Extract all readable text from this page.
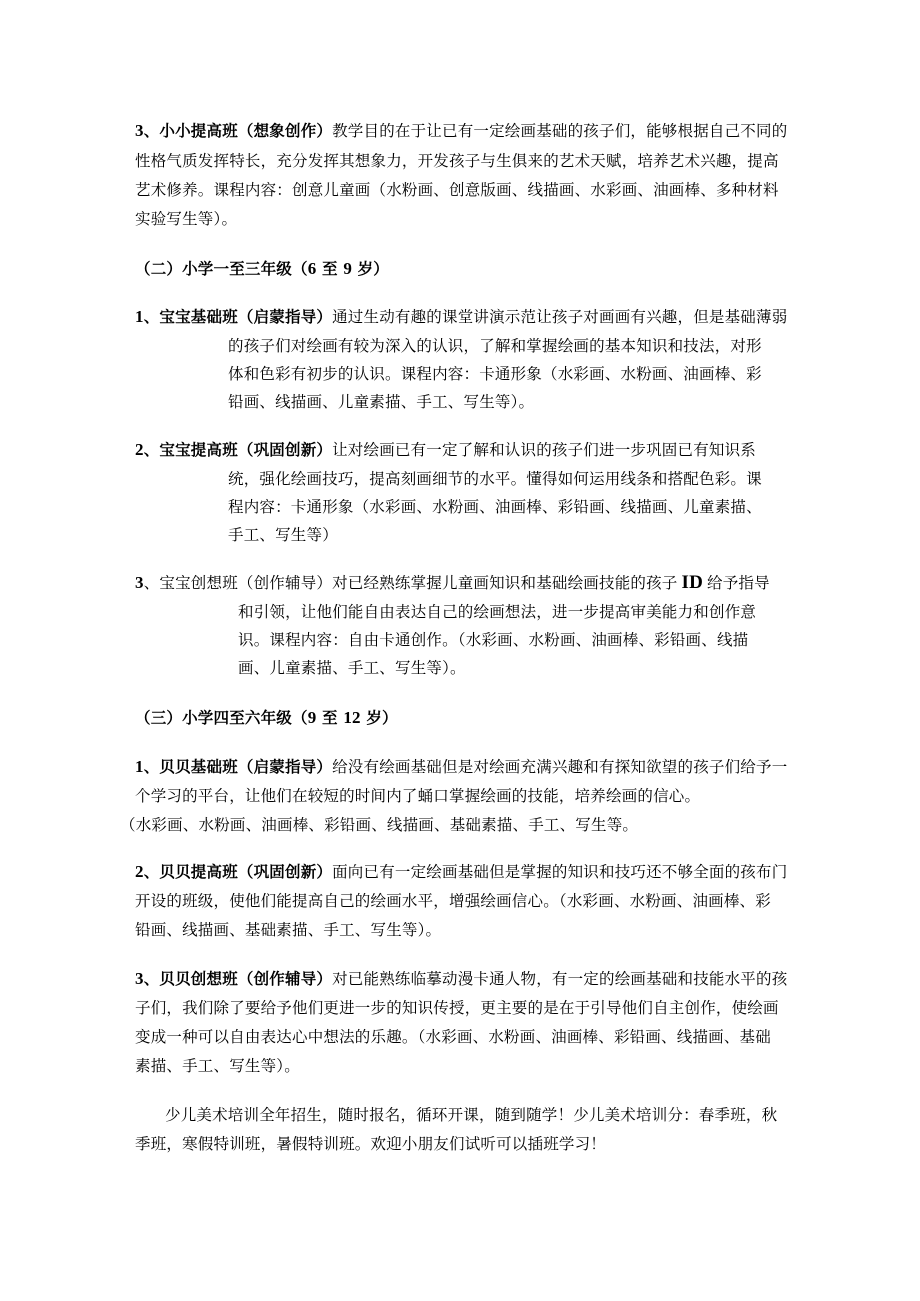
3、小小提高班（想象创作）教学目的在于让已有一定绘画基础的孩子们，能够根据自己不同的
性格气质发挥特长，充分发挥其想象力，开发孩子与生俱来的艺术天赋，培养艺术兴趣，提高
艺术修养。课程内容：创意儿童画（水粉画、创意版画、线描画、水彩画、油画棒、多种材料
实验写生等）。
（二）小学一至三年级（6 至 9 岁）
1、宝宝基础班（启蒙指导）通过生动有趣的课堂讲演示范让孩子对画画有兴趣，但是基础薄弱
的孩子们对绘画有较为深入的认识，了解和掌握绘画的基本知识和技法，对形
体和色彩有初步的认识。课程内容：卡通形象（水彩画、水粉画、油画棒、彩
铅画、线描画、儿童素描、手工、写生等）。
2、宝宝提高班（巩固创新）让对绘画已有一定了解和认识的孩子们进一步巩固已有知识系
统，强化绘画技巧，提高刻画细节的水平。懂得如何运用线条和搭配色彩。课
程内容：卡通形象（水彩画、水粉画、油画棒、彩铅画、线描画、儿童素描、
手工、写生等）
3、宝宝创想班（创作辅导）对已经熟练掌握儿童画知识和基础绘画技能的孩子 ID 给予指导
和引领，让他们能自由表达自己的绘画想法，进一步提高审美能力和创作意
识。课程内容：自由卡通创作。（水彩画、水粉画、油画棒、彩铅画、线描
画、儿童素描、手工、写生等）。
（三）小学四至六年级（9 至 12 岁）
1、贝贝基础班（启蒙指导）给没有绘画基础但是对绘画充满兴趣和有探知欲望的孩子们给予一
个学习的平台，让他们在较短的时间内了蛹口掌握绘画的技能，培养绘画的信心。
（水彩画、水粉画、油画棒、彩铅画、线描画、基础素描、手工、写生等。
2、贝贝提高班（巩固创新）面向已有一定绘画基础但是掌握的知识和技巧还不够全面的孩布门
开设的班级，使他们能提高自己的绘画水平，增强绘画信心。（水彩画、水粉画、油画棒、彩
铅画、线描画、基础素描、手工、写生等）。
3、贝贝创想班（创作辅导）对已能熟练临摹动漫卡通人物，有一定的绘画基础和技能水平的孩
子们，我们除了要给予他们更进一步的知识传授，更主要的是在于引导他们自主创作，使绘画
变成一种可以自由表达心中想法的乐趣。（水彩画、水粉画、油画棒、彩铅画、线描画、基础
素描、手工、写生等）。
少儿美术培训全年招生，随时报名，循环开课，随到随学！少儿美术培训分：春季班，秋
季班，寒假特训班，暑假特训班。欢迎小朋友们试听可以插班学习！
